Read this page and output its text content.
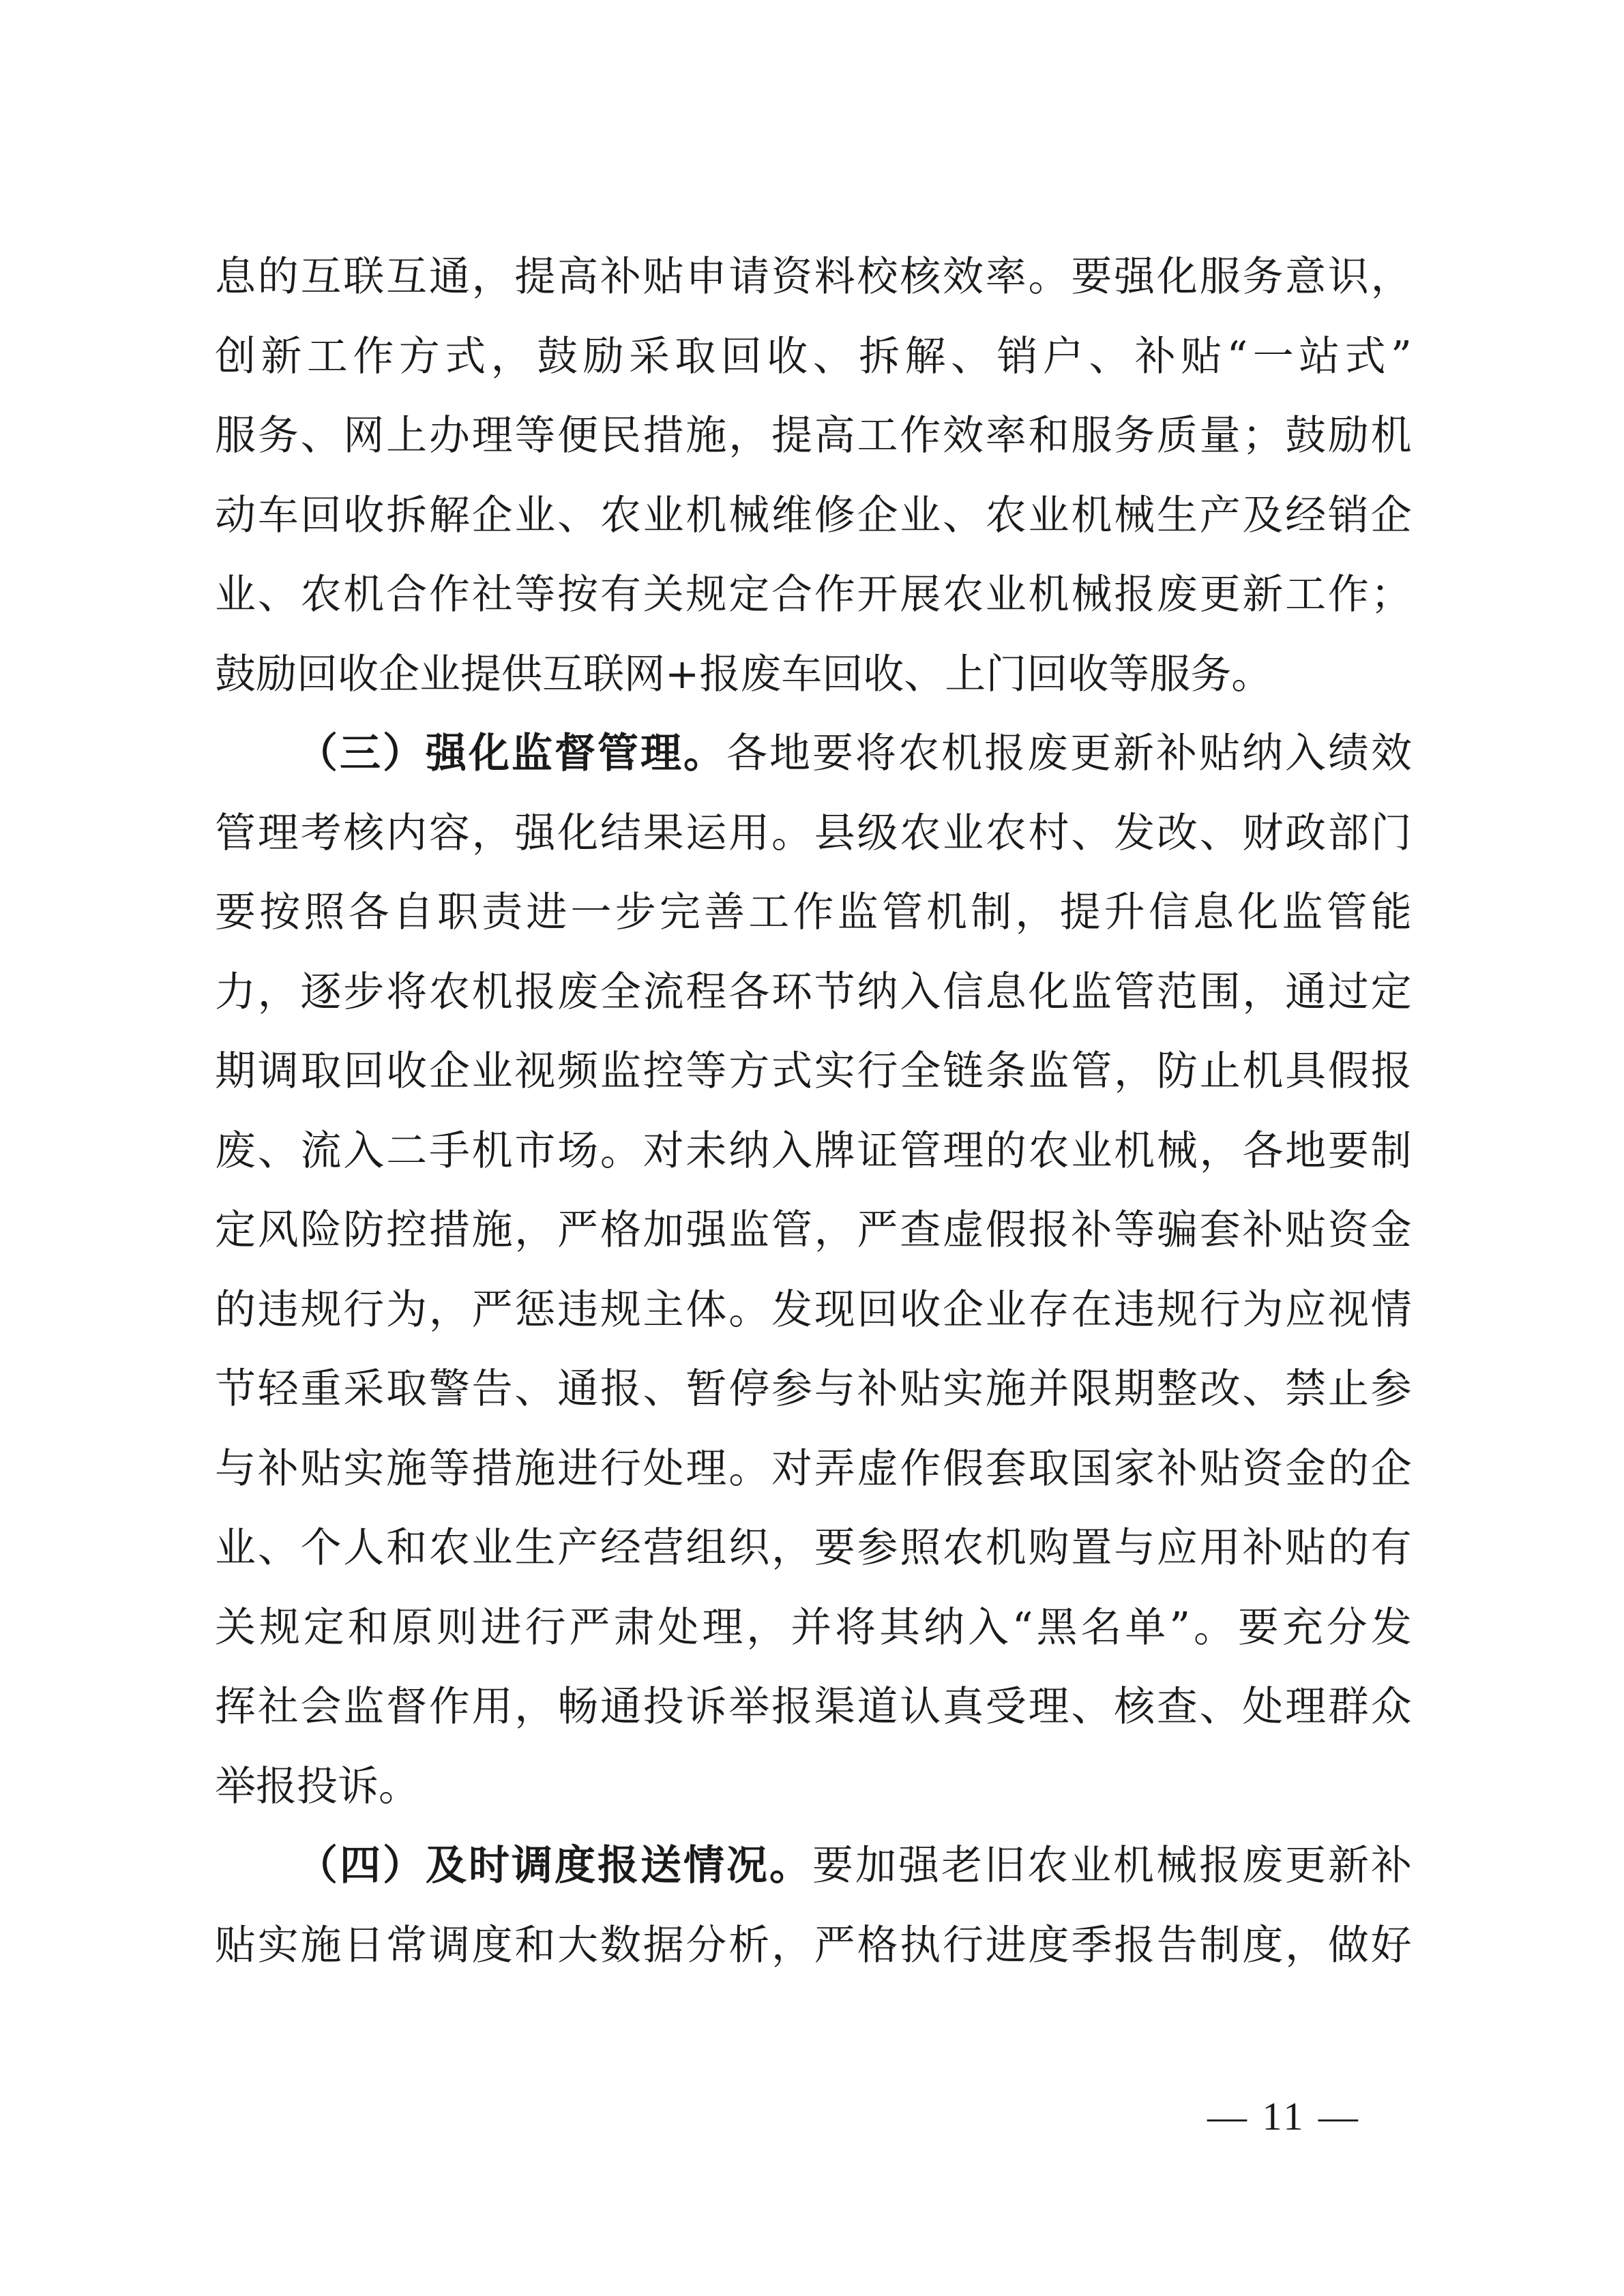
息 的 互 联 互 通 ， 提 高 补 贴 申 请 资 料 校 核 效 率 。 要 强 化 服 务 意 识 ，
创 新 工 作 方 式 ， 鼓 励 采 取 回 收 、 拆 解 、 销 户 、 补 贴 “ 一 站 式 ”
服 务 、 网 上 办 理 等 便 民 措 施 ， 提 高 工 作 效 率 和 服 务 质 量 ； 鼓 励 机
动 车 回 收 拆 解 企 业 、 农 业 机 械 维 修 企 业 、 农 业 机 械 生 产 及 经 销 企
业 、 农 机 合 作 社 等 按 有 关 规 定 合 作 开 展 农 业 机 械 报 废 更 新 工 作 ；
鼓 励 回 收 企 业 提 供 互 联 网 + 报 废 车 回 收 、 上 门 回 收 等 服 务 。
（ 三 ） 强 化 监 督 管 理 。 各 地 要 将 农 机 报 废 更 新 补 贴 纳 入 绩 效
管 理 考 核 内 容 ， 强 化 结 果 运 用 。 县 级 农 业 农 村 、 发 改 、 财 政 部 门
要 按 照 各 自 职 责 进 一 步 完 善 工 作 监 管 机 制 ， 提 升 信 息 化 监 管 能
力 ， 逐 步 将 农 机 报 废 全 流 程 各 环 节 纳 入 信 息 化 监 管 范 围 ， 通 过 定
期 调 取 回 收 企 业 视 频 监 控 等 方 式 实 行 全 链 条 监 管 ， 防 止 机 具 假 报
废 、 流 入 二 手 机 市 场 。 对 未 纳 入 牌 证 管 理 的 农 业 机 械 ， 各 地 要 制
定 风 险 防 控 措 施 ， 严 格 加 强 监 管 ， 严 查 虚 假 报 补 等 骗 套 补 贴 资 金
的 违 规 行 为 ， 严 惩 违 规 主 体 。 发 现 回 收 企 业 存 在 违 规 行 为 应 视 情
节 轻 重 采 取 警 告 、 通 报 、 暂 停 参 与 补 贴 实 施 并 限 期 整 改 、 禁 止 参
与 补 贴 实 施 等 措 施 进 行 处 理 。 对 弄 虚 作 假 套 取 国 家 补 贴 资 金 的 企
业 、 个 人 和 农 业 生 产 经 营 组 织 ， 要 参 照 农 机 购 置 与 应 用 补 贴 的 有
关 规 定 和 原 则 进 行 严 肃 处 理 ， 并 将 其 纳 入 “ 黑 名 单 ” 。 要 充 分 发
挥 社 会 监 督 作 用 ， 畅 通 投 诉 举 报 渠 道 认 真 受 理 、 核 查 、 处 理 群 众
举 报 投 诉 。
（ 四 ） 及 时 调 度 报 送 情 况 。 要 加 强 老 旧 农 业 机 械 报 废 更 新 补
贴 实 施 日 常 调 度 和 大 数 据 分 析 ， 严 格 执 行 进 度 季 报 告 制 度 ， 做 好
— 11 —
